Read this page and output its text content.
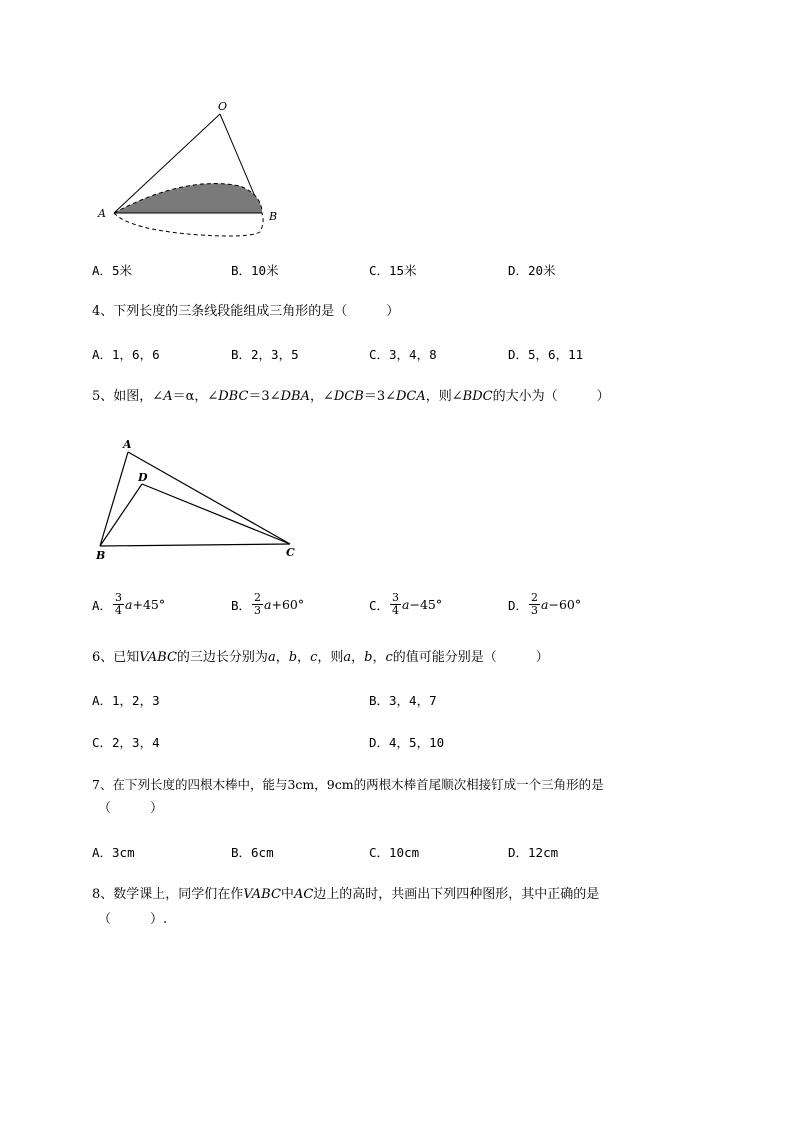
O
A	B
A．5米	B．10米	C．15米	D．20米
4、下列长度的三条线段能组成三角形的是（　　　）
A．1，6，6	B．2，3，5	C．3，4，8	D．5，6，11
5、如图，∠A＝α，∠DBC＝3∠DBA，∠DCB＝3∠DCA，则∠BDC的大小为（　　　）
A
D
B	C
A． $\frac{3}{4}$ a +45°	B． $\frac{2}{3}$ a +60°	C． $\frac{3}{4}$ a −45°	D． $\frac{2}{3}$ a −60°
6、已知VABC的三边长分别为a，b，c，则a，b，c的值可能分别是（　　　）
A．1，2，3	B．3，4，7
C．2，3，4	D．4，5，10
7、在下列长度的四根木棒中，能与3cm，9cm的两根木棒首尾顺次相接钉成一个三角形的是
（　　　）
A．3cm	B．6cm	C．10cm	D．12cm
8、数学课上，同学们在作VABC中AC边上的高时，共画出下列四种图形，其中正确的是
（　　　）.
